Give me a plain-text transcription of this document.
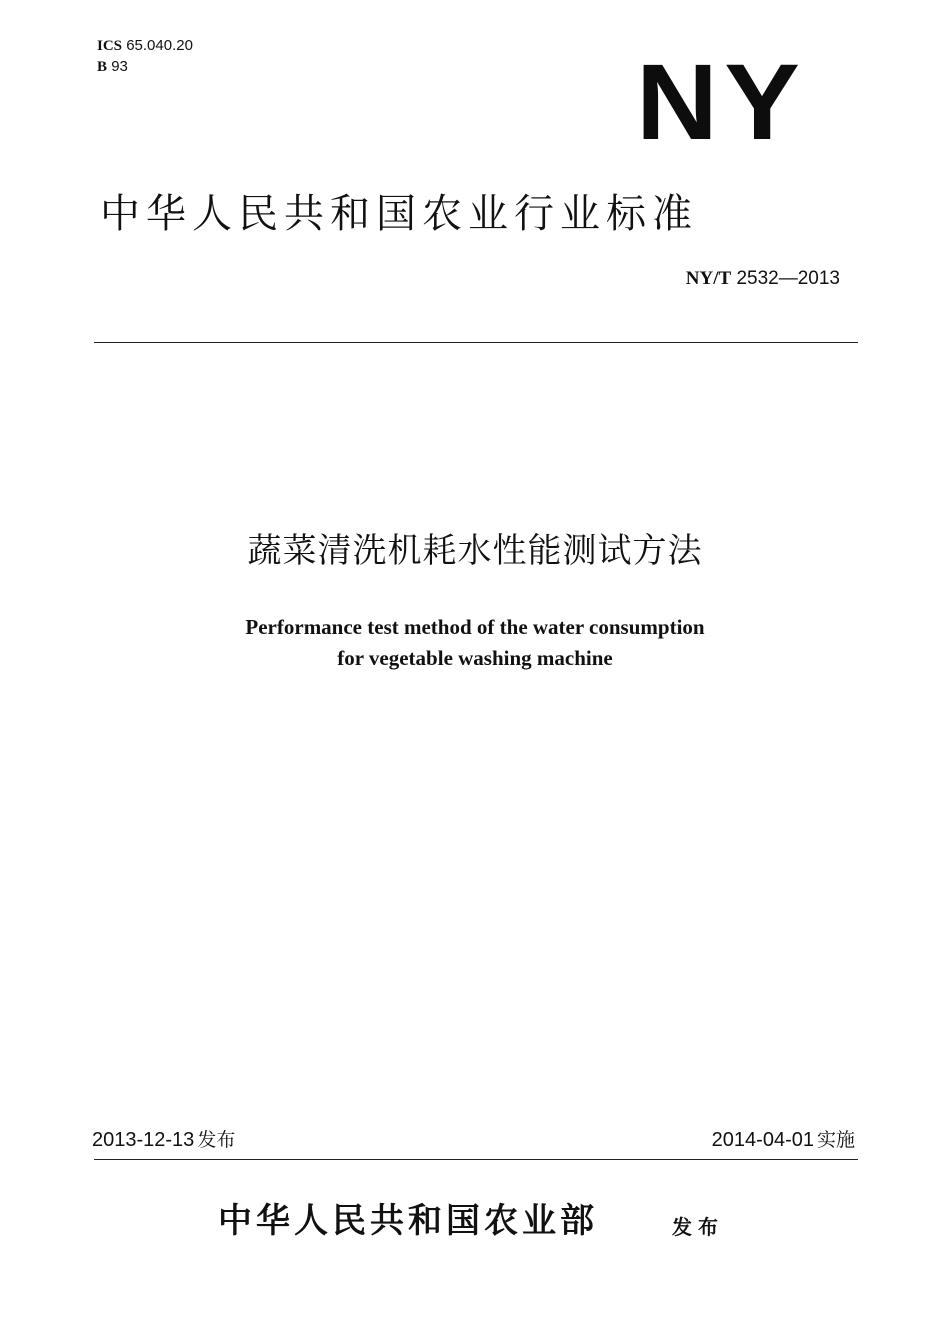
ICS 65.040.20
B 93	NY
中华人民共和国农业行业标准
NY/T 2532—2013
蔬菜清洗机耗水性能测试方法
Performance test method of the water consumption
for vegetable washing machine
2013-12-13 发布	2014-04-01 实施
中华人民共和国农业部	发布
